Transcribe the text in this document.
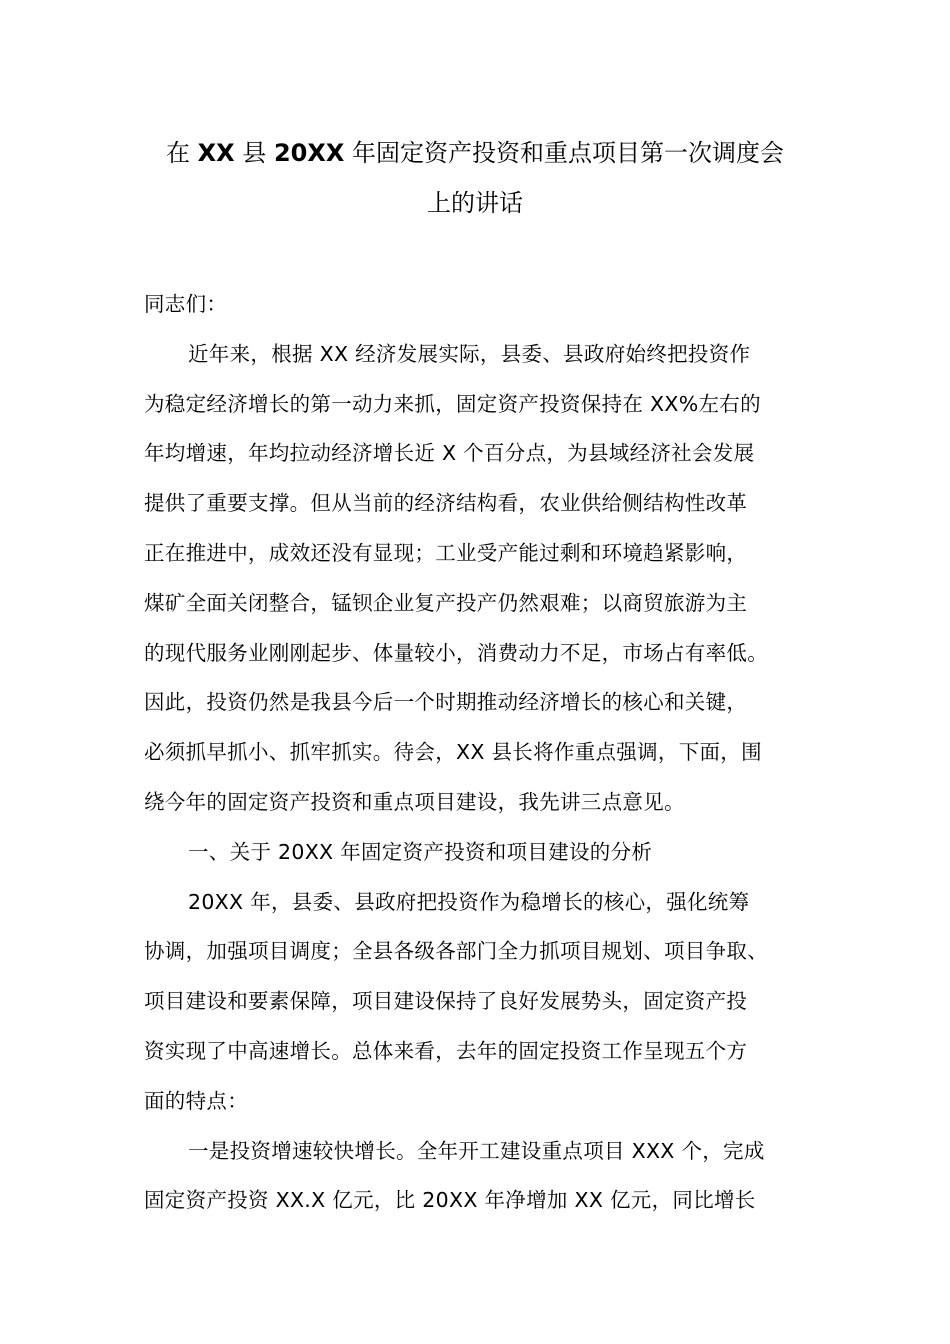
在 XX 县 20XX 年固定资产投资和重点项目第一次调度会
上的讲话
同志们：
近年来，根据 XX 经济发展实际，县委、县政府始终把投资作
为稳定经济增长的第一动力来抓，固定资产投资保持在 XX%左右的
年均增速，年均拉动经济增长近 X 个百分点，为县域经济社会发展
提供了重要支撑。但从当前的经济结构看，农业供给侧结构性改革
正在推进中，成效还没有显现；工业受产能过剩和环境趋紧影响，
煤矿全面关闭整合，锰钡企业复产投产仍然艰难；以商贸旅游为主
的现代服务业刚刚起步、体量较小，消费动力不足，市场占有率低。
因此，投资仍然是我县今后一个时期推动经济增长的核心和关键，
必须抓早抓小、抓牢抓实。待会，XX 县长将作重点强调，下面，围
绕今年的固定资产投资和重点项目建设，我先讲三点意见。
一、关于 20XX 年固定资产投资和项目建设的分析
20XX 年，县委、县政府把投资作为稳增长的核心，强化统筹
协调，加强项目调度；全县各级各部门全力抓项目规划、项目争取、
项目建设和要素保障，项目建设保持了良好发展势头，固定资产投
资实现了中高速增长。总体来看，去年的固定投资工作呈现五个方
面的特点：
一是投资增速较快增长。全年开工建设重点项目 XXX 个，完成
固定资产投资 XX.X 亿元，比 20XX 年净增加 XX 亿元，同比增长
